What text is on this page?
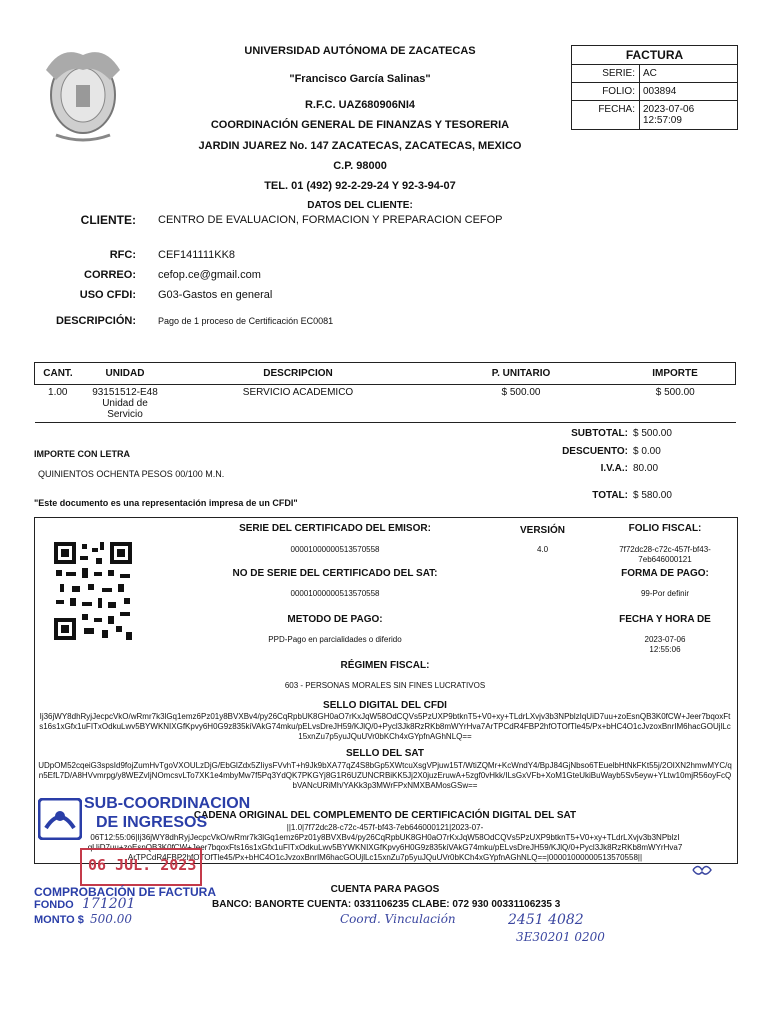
UNIVERSIDAD AUTÓNOMA DE ZACATECAS
"Francisco García Salinas"
R.F.C. UAZ680906NI4
COORDINACIÓN GENERAL DE FINANZAS Y TESORERIA
JARDIN JUAREZ No. 147 ZACATECAS, ZACATECAS, MEXICO
C.P. 98000
TEL. 01 (492) 92-2-29-24 Y 92-3-94-07
FACTURA
SERIE: AC
FOLIO: 003894
FECHA: 2023-07-06
12:57:09
DATOS DEL CLIENTE:
CLIENTE: CENTRO DE EVALUACION, FORMACION Y PREPARACION CEFOP
RFC: CEF141111KK8
CORREO: cefop.ce@gmail.com
USO CFDI: G03-Gastos en general
DESCRIPCIÓN: Pago de 1 proceso de Certificación EC0081
CANT.	UNIDAD	DESCRIPCION	P. UNITARIO	IMPORTE
1.00	93151512-E48
Unidad de
Servicio	SERVICIO ACADEMICO	$ 500.00	$ 500.00
SUBTOTAL: $ 500.00
DESCUENTO: $ 0.00
I.V.A.: 80.00
TOTAL: $ 580.00
IMPORTE CON LETRA
QUINIENTOS OCHENTA PESOS 00/100 M.N.
"Este documento es una representación impresa de un CFDI"
SERIE DEL CERTIFICADO DEL EMISOR:
00001000000513570558
VERSIÓN
4.0
FOLIO FISCAL:
7f72dc28-c72c-457f-bf43-
7eb646000121
NO DE SERIE DEL CERTIFICADO DEL SAT:
00001000000513570558
FORMA DE PAGO:
99-Por definir
METODO DE PAGO:
PPD-Pago en parcialidades o diferido
FECHA Y HORA DE
2023-07-06
12:55:06
RÉGIMEN FISCAL:
603 - PERSONAS MORALES SIN FINES LUCRATIVOS
SELLO DIGITAL DEL CFDI
Ij36jWY8dhRyjJecpcVkO/wRmr7k3lGq1emz6Pz01y8BVXBv4/py26CqRpbUK8GH0aO7rKxJqW58OdCQVs5PzUXP9btknT5+V0+xy+TLdrLXvjv3b3NPblzIqUiD7uu+zoEsnQB3K0fCW+Jeer7bqoxFts16s1xGfx1uFITxOdkuLwv5BYWKNIXGfKpvy6H0G9z835kiVAkG74mku/pELvsDreJH59/KJlQ/0+Pycl3Jk8RzRKb8mWYrHva7ArTPCdR4FBP2hfOTOfTle45/Px+bHC4O1cJvzoxBnrIM6hacGOUjlLc15xnZu7p5yuJQuUVr0bKCh4xGYpfnAGhNLQ==
SELLO DEL SAT
UDpOM52cqeiG3spsId9fojZumHvTgoVXOULzDjG/EbGlZdx5ZIiysFVvhT+h9Jk9bXA77qZ4S8bGp5XWtcuXsgVPjuw15T/WtiZQMr+KcWndY4/BpJ84GjNbso6TEuelbHtNkFKt55j/2OIXN2hmwMYC/qn5EfL7D/A8HVvmrpg/y8WEZvIjNOmcsvLTo7XK1e4mbyMw7f5Pq3YdQK7PKGYj8G1R6UZUNCRBiKK5Jj2X0juzEruwA+5zgf0vHkk/ILsGxVFb+XoM1GteUkiBuWayb5Sv5eyw+YLtw10mjR56oyFcQbVANcURiMh/YAKk3p3MWrFPxNMXBAMosGSw==
CADENA ORIGINAL DEL COMPLEMENTO DE CERTIFICACIÓN DIGITAL DEL SAT
||1.0|7f72dc28-c72c-457f-bf43-7eb646000121|2023-07-
06T12:55:06|Ij36jWY8dhRyjJecpcVkO/wRmr7k3lGq1emz6Pz01y8BVXBv4/py26CqRpbUK8GH0aO7rKxJqW58OdCQVs5PzUXP9btknT5+V0+xy+TLdrLXvjv3b3NPblzI
qUiD7uu+zoEsnQB3K0fCW+Jeer7bqoxFts16s1xGfx1uFITxOdkuLwv5BYWKNIXGfKpvy6H0G9z835kiVAkG74mku/pELvsDreJH59/KJlQ/0+Pycl3Jk8RzRKb8mWYrHva7
ArTPCdR4FBP2hfOTOfTle45/Px+bHC4O1cJvzoxBnrIM6hacGOUjlLc15xnZu7p5yuJQuUVr0bKCh4xGYpfnAGhNLQ==|00001000000513570558||
CUENTA PARA PAGOS
BANCO: BANORTE CUENTA: 0331106235 CLABE: 072 930 00331106235 3
SUB-COORDINACION
DE INGRESOS
06 JUL. 2023
COMPROBACIÓN DE FACTURA
FONDO 171201
MONTO $ 500.00	Coord. Vinculación	2451 4082
3E30201 0200
